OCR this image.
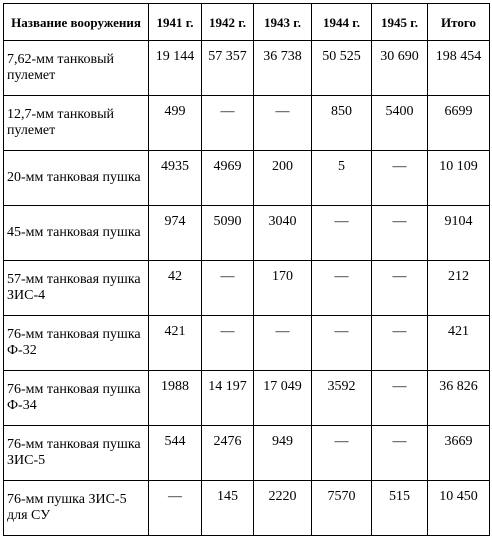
Название вооружения	1941 г.	1942 г.	1943 г.	1944 г.	1945 г.	Итого
7,62-мм танковый пулемет	19 144	57 357	36 738	50 525	30 690	198 454
12,7-мм танковый пулемет	499	—	—	850	5400	6699
20-мм танковая пушка	4935	4969	200	5	—	10 109
45-мм танковая пушка	974	5090	3040	—	—	9104
57-мм танковая пушка ЗИС-4	42	—	170	—	—	212
76-мм танковая пушка Ф-32	421	—	—	—	—	421
76-мм танковая пушка Ф-34	1988	14 197	17 049	3592	—	36 826
76-мм танковая пушка ЗИС-5	544	2476	949	—	—	3669
76-мм пушка ЗИС-5 для СУ	—	145	2220	7570	515	10 450
